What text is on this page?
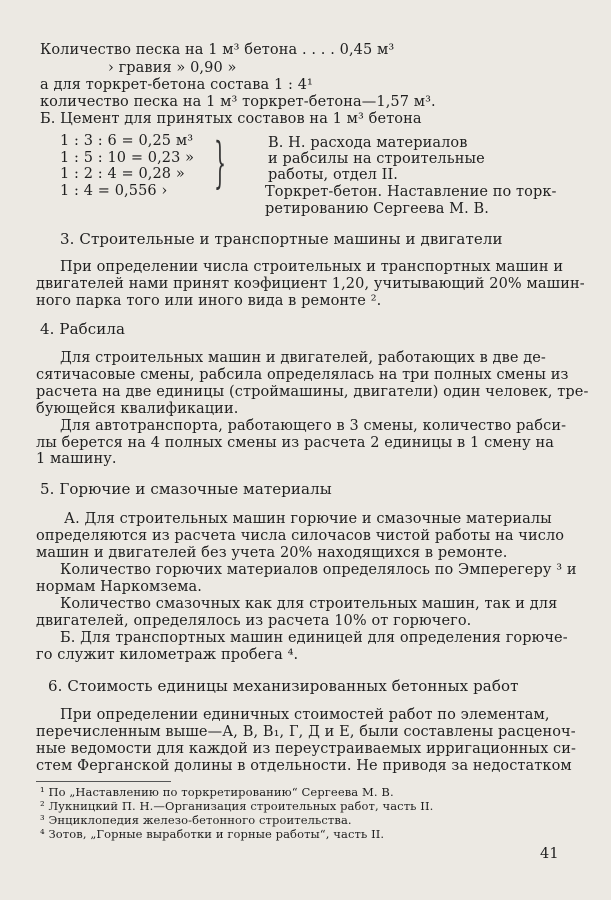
Количество песка на 1 м³ бетона . . . . 0,45 м³
› гравия » 0,90 »
а для торкрет-бетона состава 1 : 4¹
количество песка на 1 м³ торкрет-бетона—1,57 м³.
Б. Цемент для принятых составов на 1 м³ бетона
1 : 3 : 6 = 0,25 м³
1 : 5 : 10 = 0,23 »
1 : 2 : 4 = 0,28 »
1 : 4 = 0,556 › }	В. Н. расхода материалов
и рабсилы на строительные
работы, отдел II.
Торкрет-бетон. Наставление по торк-
ретированию Сергеева М. В.
3. Строительные и транспортные машины и двигатели
При определении числа строительных и транспортных машин и
двигателей нами принят коэфициент 1,20, учитывающий 20% машин-
ного парка того или иного вида в ремонте ².
4. Рабсила
Для строительных машин и двигателей, работающих в две де-
сятичасовые смены, рабсила определялась на три полных смены из
расчета на две единицы (строймашины, двигатели) один человек, тре-
бующейся квалификации.
Для автотранспорта, работающего в 3 смены, количество рабси-
лы берется на 4 полных смены из расчета 2 единицы в 1 смену на
1 машину.
5. Горючие и смазочные материалы
А. Для строительных машин горючие и смазочные материалы
определяются из расчета числа силочасов чистой работы на число
машин и двигателей без учета 20% находящихся в ремонте.
Количество горючих материалов определялось по Эмперегеру ³ и
нормам Наркомзема.
Количество смазочных как для строительных машин, так и для
двигателей, определялось из расчета 10% от горючего.
Б. Для транспортных машин единицей для определения горюче-
го служит километраж пробега ⁴.
6. Стоимость единицы механизированных бетонных работ
При определении единичных стоимостей работ по элементам,
перечисленным выше—А, В, В₁, Г, Д и Е, были составлены расценоч-
ные ведомости для каждой из переустраиваемых ирригационных си-
стем Ферганской долины в отдельности. Не приводя за недостатком
¹ По „Наставлению по торкретированию“ Сергеева М. В.
² Лукницкий П. Н.—Организация строительных работ, часть II.
³ Энциклопедия железо-бетонного строительства.
⁴ Зотов, „Горные выработки и горные работы“, часть II.
41
